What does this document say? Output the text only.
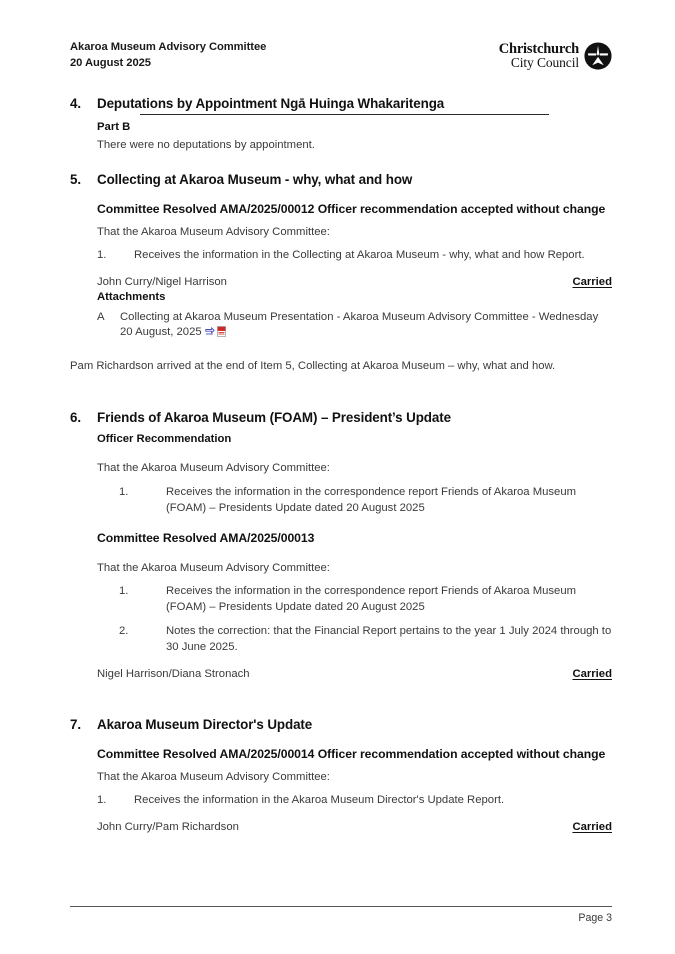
Akaroa Museum Advisory Committee
20 August 2025
Christchurch
City Council
4.	Deputations by Appointment Ngā Huinga Whakaritenga
Part B
There were no deputations by appointment.
5.	Collecting at Akaroa Museum - why, what and how
Committee Resolved AMA/2025/00012 Officer recommendation accepted without change
That the Akaroa Museum Advisory Committee:
1.	Receives the information in the Collecting at Akaroa Museum - why, what and how Report.
John Curry/Nigel Harrison	Carried
Attachments
A	Collecting at Akaroa Museum Presentation - Akaroa Museum Advisory Committee - Wednesday 20 August, 2025
Pam Richardson arrived at the end of Item 5, Collecting at Akaroa Museum – why, what and how.
6.	Friends of Akaroa Museum (FOAM) – President’s Update
Officer Recommendation
That the Akaroa Museum Advisory Committee:
1.	Receives the information in the correspondence report Friends of Akaroa Museum (FOAM) – Presidents Update dated 20 August 2025
Committee Resolved AMA/2025/00013
That the Akaroa Museum Advisory Committee:
1.	Receives the information in the correspondence report Friends of Akaroa Museum (FOAM) – Presidents Update dated 20 August 2025
2.	Notes the correction: that the Financial Report pertains to the year 1 July 2024 through to 30 June 2025.
Nigel Harrison/Diana Stronach	Carried
7.	Akaroa Museum Director's Update
Committee Resolved AMA/2025/00014 Officer recommendation accepted without change
That the Akaroa Museum Advisory Committee:
1.	Receives the information in the Akaroa Museum Director's Update Report.
John Curry/Pam Richardson	Carried
Page 3
